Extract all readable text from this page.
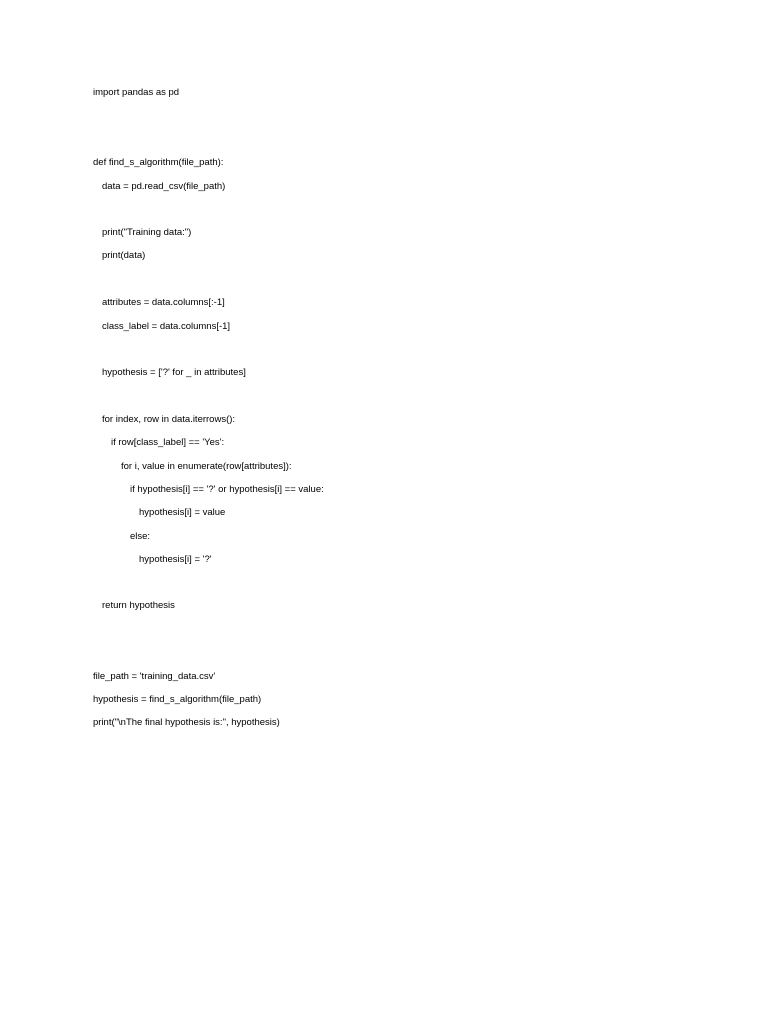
import pandas as pd
def find_s_algorithm(file_path):
data = pd.read_csv(file_path)
print("Training data:")
print(data)
attributes = data.columns[:-1]
class_label = data.columns[-1]
hypothesis = ['?' for _ in attributes]
for index, row in data.iterrows():
if row[class_label] == 'Yes':
for i, value in enumerate(row[attributes]):
if hypothesis[i] == '?' or hypothesis[i] == value:
hypothesis[i] = value
else:
hypothesis[i] = '?'
return hypothesis
file_path = 'training_data.csv'
hypothesis = find_s_algorithm(file_path)
print("\nThe final hypothesis is:", hypothesis)
